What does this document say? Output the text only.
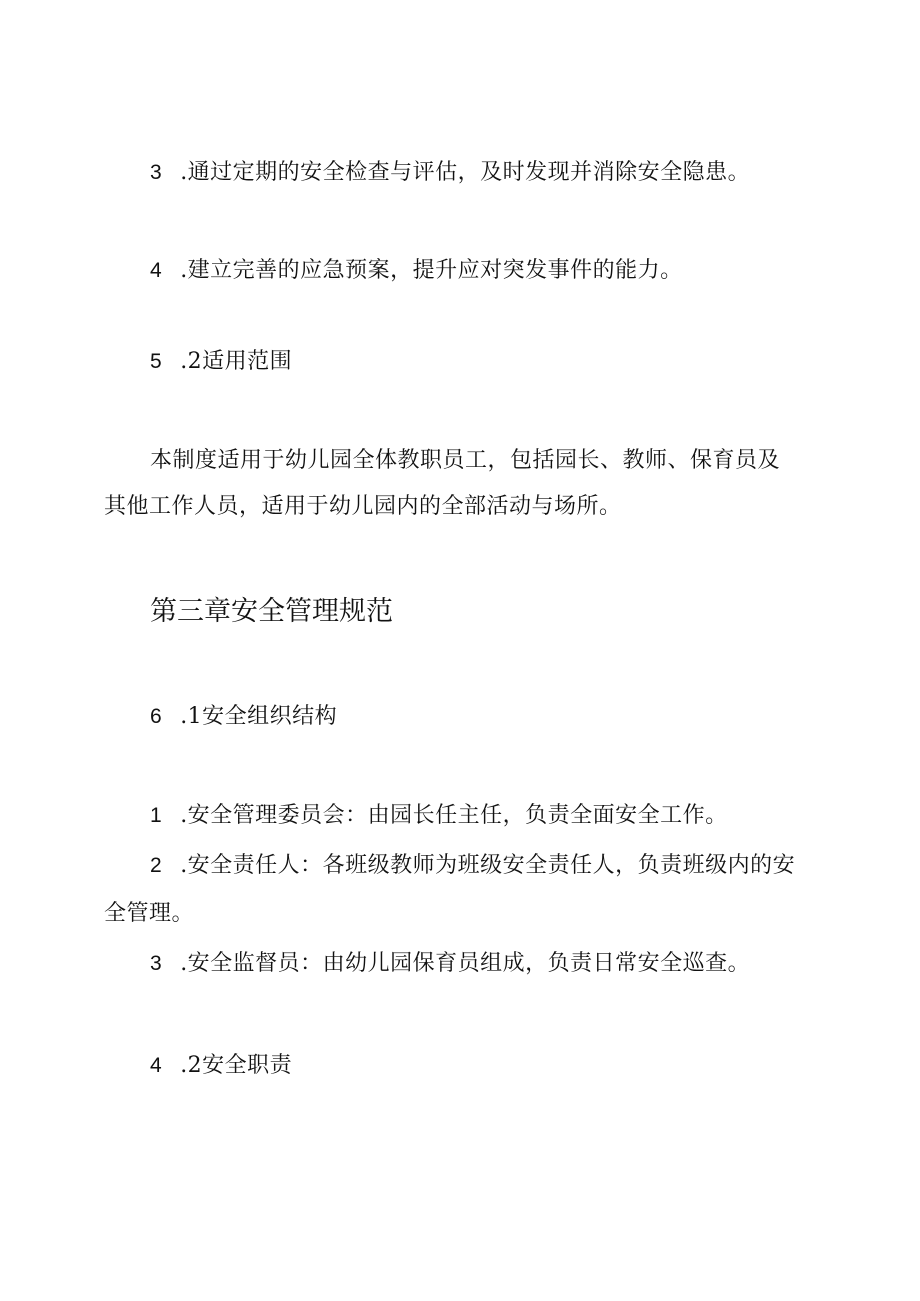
3 .通过定期的安全检查与评估，及时发现并消除安全隐患。
4 .建立完善的应急预案，提升应对突发事件的能力。
5 .2适用范围
本制度适用于幼儿园全体教职员工，包括园长、教师、保育员及
其他工作人员，适用于幼儿园内的全部活动与场所。
第三章安全管理规范
6 .1安全组织结构
1 .安全管理委员会：由园长任主任，负责全面安全工作。
2 .安全责任人：各班级教师为班级安全责任人，负责班级内的安
全管理。
3 .安全监督员：由幼儿园保育员组成，负责日常安全巡查。
4 .2安全职责
